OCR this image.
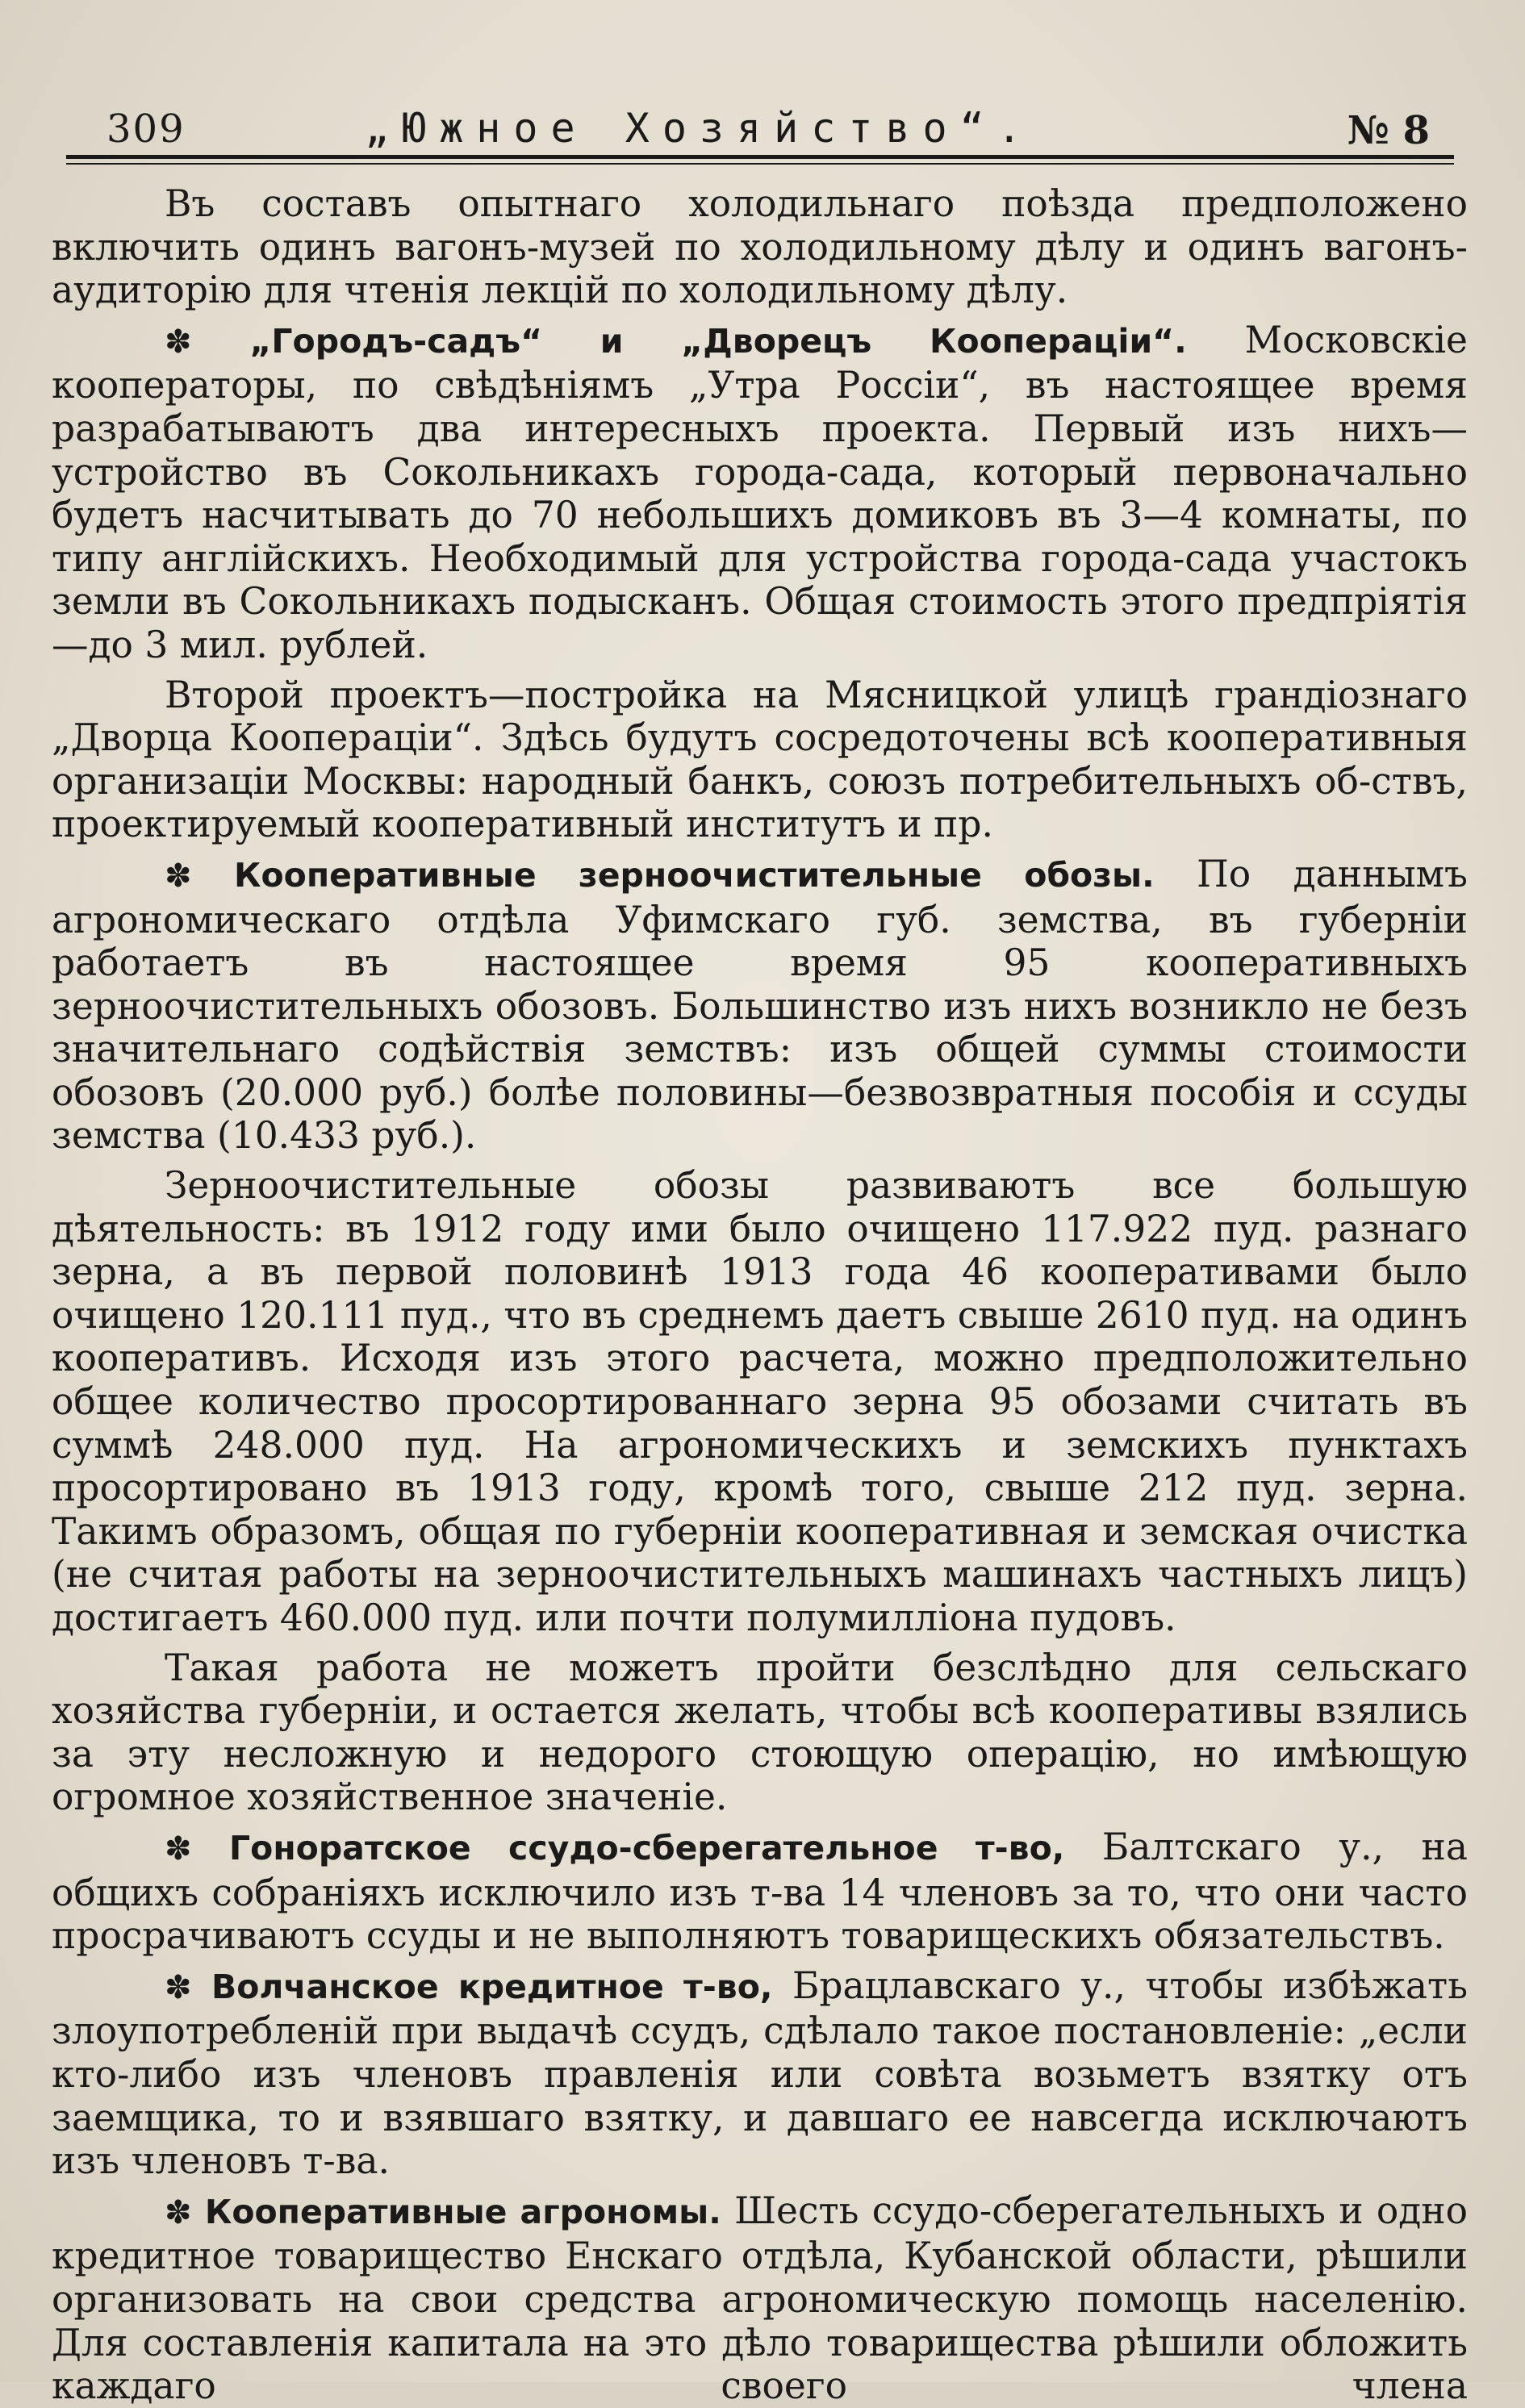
309	„Южное Хозяйство“.	№ 8

Въ составъ опытнаго холодильнаго поѣзда предположено включить одинъ вагонъ-музей по холодильному дѣлу и одинъ вагонъ-аудиторію для чтенія лекцій по холодильному дѣлу.

✽ „Городъ-садъ“ и „Дворецъ Коопераціи“. Московскіе кооператоры, по свѣдѣніямъ „Утра Россіи“, въ настоящее время разрабатываютъ два интересныхъ проекта. Первый изъ нихъ—устройство въ Сокольникахъ города-сада, который первоначально будетъ насчитывать до 70 небольшихъ домиковъ въ 3—4 комнаты, по типу англійскихъ. Необходимый для устройства города-сада участокъ земли въ Сокольникахъ подысканъ. Общая стоимость этого предпріятія—до 3 мил. рублей.

Второй проектъ—постройка на Мясницкой улицѣ грандіознаго „Дворца Коопераціи“. Здѣсь будутъ сосредоточены всѣ кооперативныя организаціи Москвы: народный банкъ, союзъ потребительныхъ об-ствъ, проектируемый кооперативный институтъ и пр.

✽ Кооперативные зерноочистительные обозы. По даннымъ агрономическаго отдѣла Уфимскаго губ. земства, въ губерніи работаетъ въ настоящее время 95 кооперативныхъ зерноочистительныхъ обозовъ. Большинство изъ нихъ возникло не безъ значительнаго содѣйствія земствъ: изъ общей суммы стоимости обозовъ (20.000 руб.) болѣе половины—безвозвратныя пособія и ссуды земства (10.433 руб.).

Зерноочистительные обозы развиваютъ все большую дѣятельность: въ 1912 году ими было очищено 117.922 пуд. разнаго зерна, а въ первой половинѣ 1913 года 46 кооперативами было очищено 120.111 пуд., что въ среднемъ даетъ свыше 2610 пуд. на одинъ кооперативъ. Исходя изъ этого расчета, можно предположительно общее количество просортированнаго зерна 95 обозами считать въ суммѣ 248.000 пуд. На агрономическихъ и земскихъ пунктахъ просортировано въ 1913 году, кромѣ того, свыше 212 пуд. зерна. Такимъ образомъ, общая по губерніи кооперативная и земская очистка (не считая работы на зерноочистительныхъ машинахъ частныхъ лицъ) достигаетъ 460.000 пуд. или почти полумилліона пудовъ.

Такая работа не можетъ пройти безслѣдно для сельскаго хозяйства губерніи, и остается желать, чтобы всѣ кооперативы взялись за эту несложную и недорого стоющую операцію, но имѣющую огромное хозяйственное значеніе.

✽ Гоноратское ссудо-сберегательное т-во, Балтскаго у., на общихъ собраніяхъ исключило изъ т-ва 14 членовъ за то, что они часто просрачиваютъ ссуды и не выполняютъ товарищескихъ обязательствъ.

✽ Волчанское кредитное т-во, Брацлавскаго у., чтобы избѣжать злоупотребленій при выдачѣ ссудъ, сдѣлало такое постановленіе: „если кто-либо изъ членовъ правленія или совѣта возьметъ взятку отъ заемщика, то и взявшаго взятку, и давшаго ее навсегда исключаютъ изъ членовъ т-ва.

✽ Кооперативные агрономы. Шесть ссудо-сберегательныхъ и одно кредитное товарищество Енскаго отдѣла, Кубанской области, рѣшили организовать на свои средства агрономическую помощь населенію. Для составленія капитала на это дѣло товарищества рѣшили обложить каждаго своего члена
